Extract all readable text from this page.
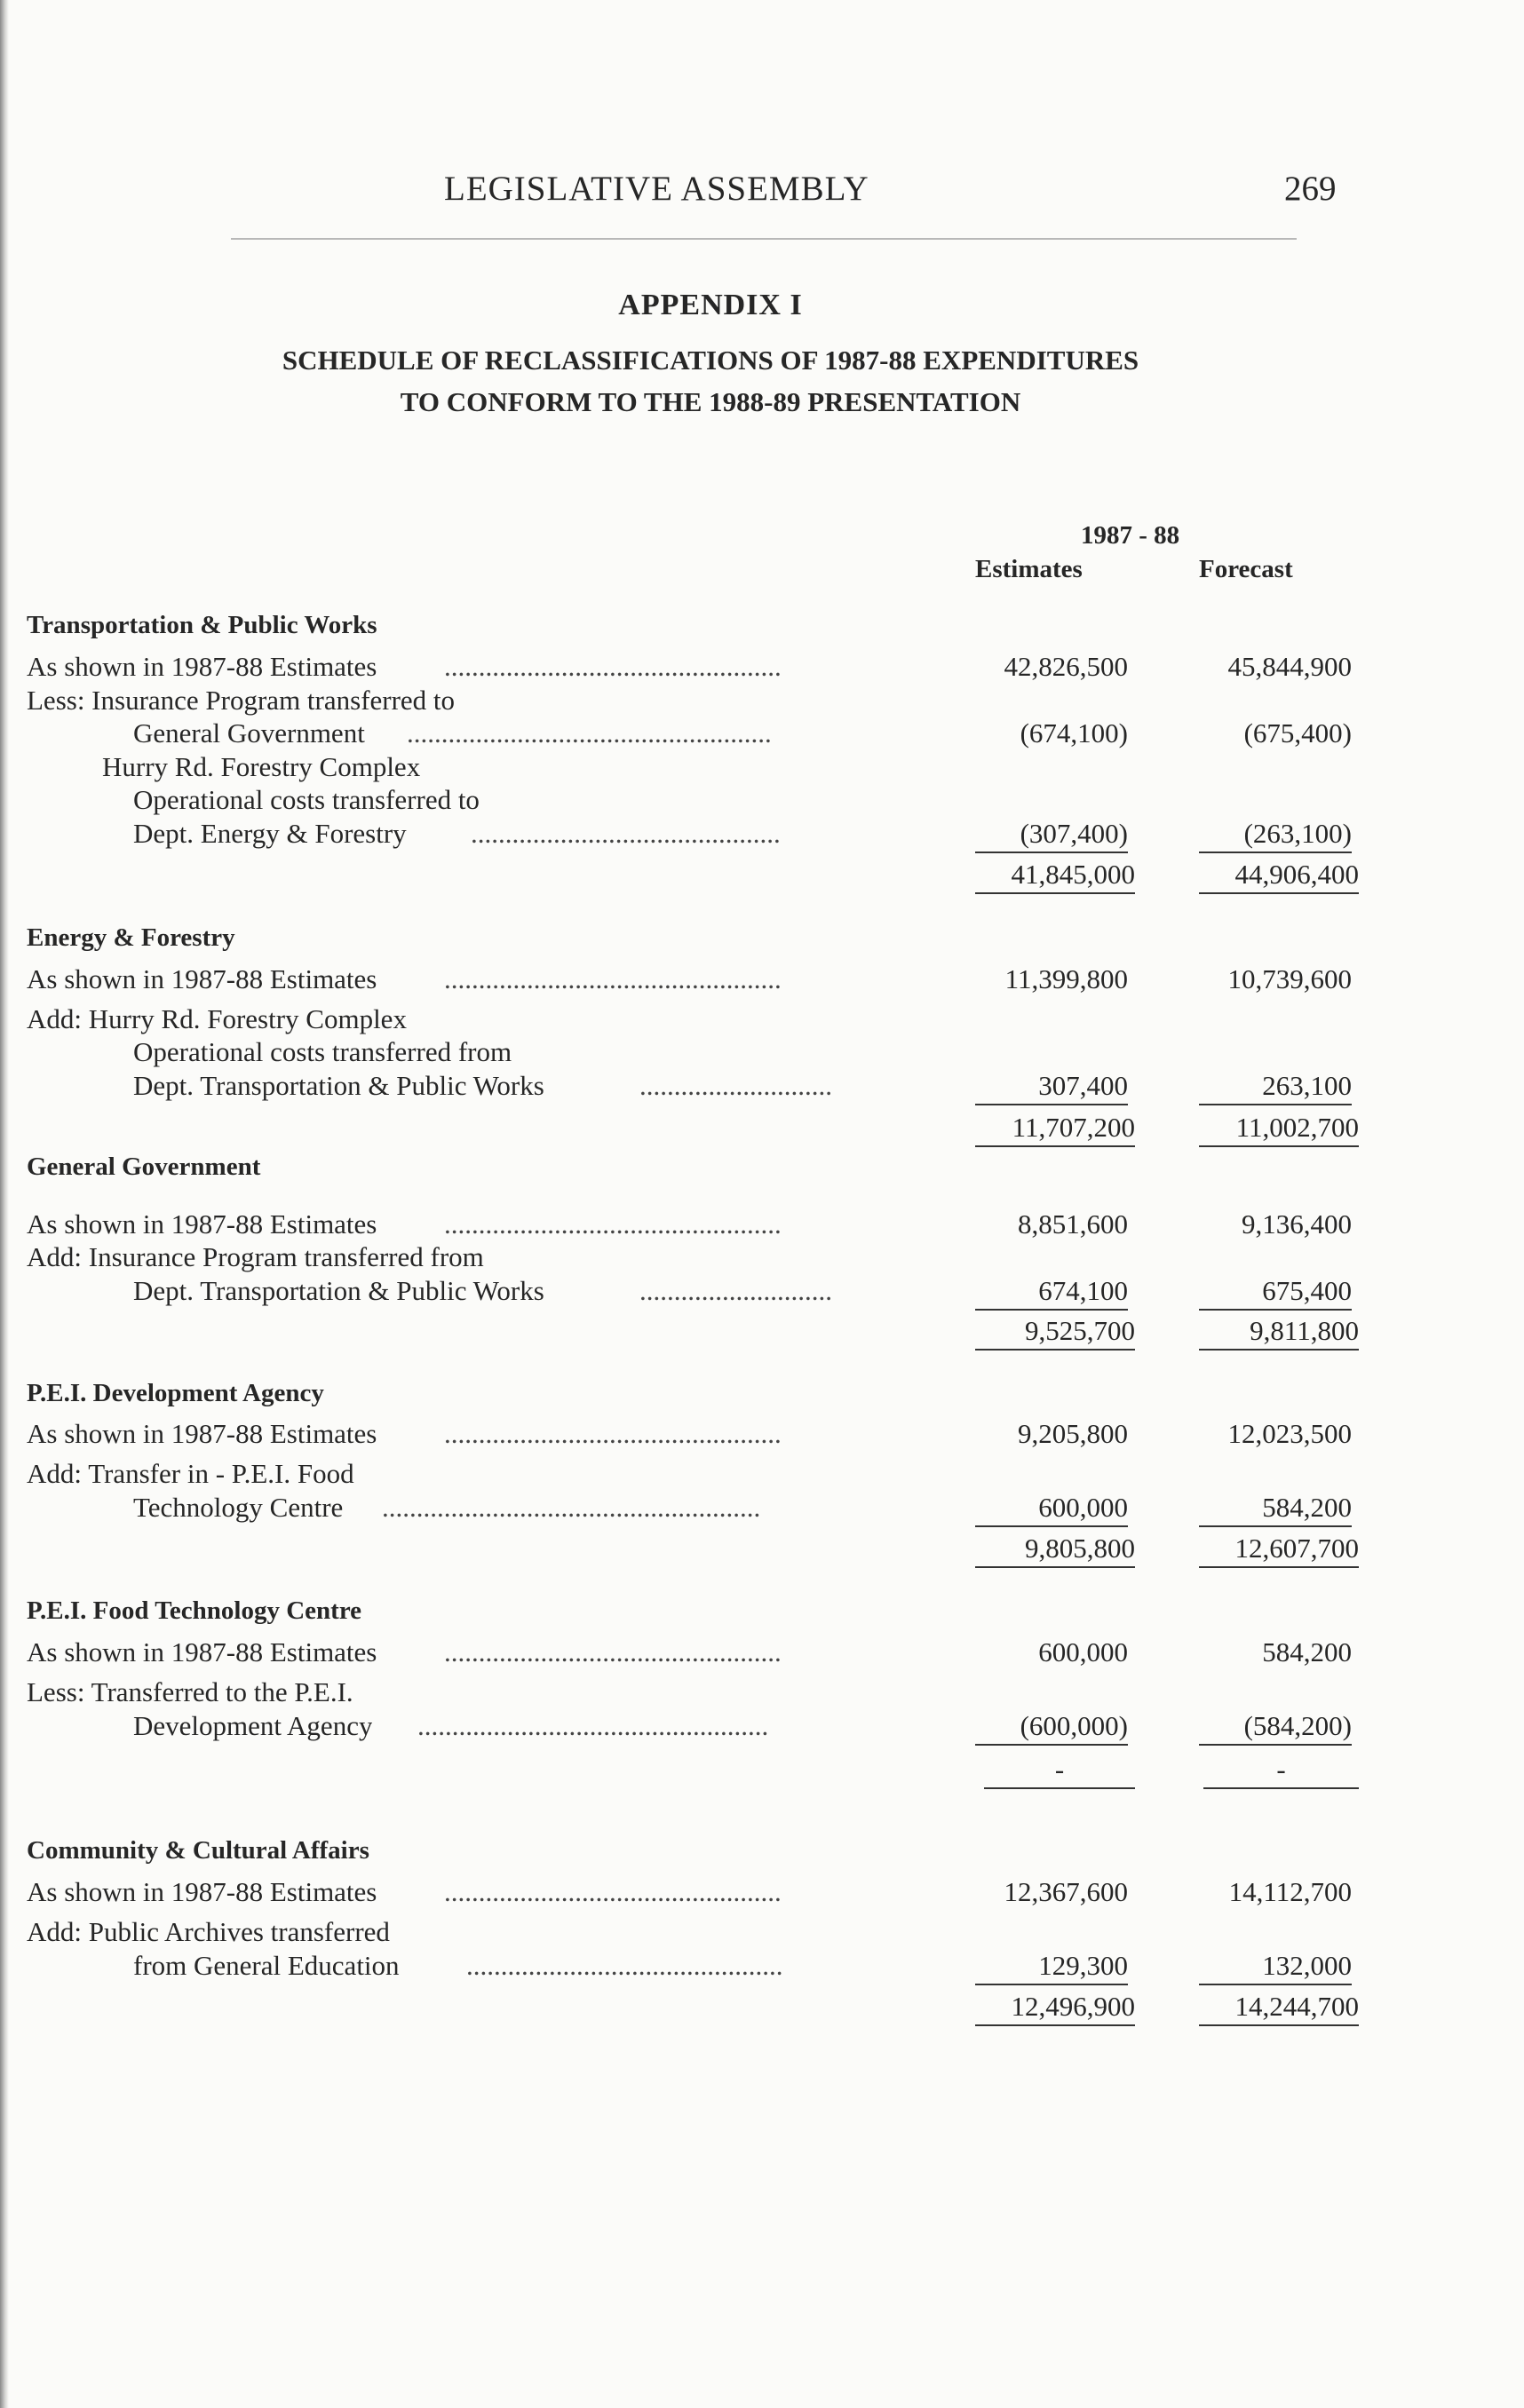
LEGISLATIVE ASSEMBLY	269
APPENDIX I
SCHEDULE OF RECLASSIFICATIONS OF 1987-88 EXPENDITURES
TO CONFORM TO THE 1988-89 PRESENTATION
1987 - 88
Estimates	Forecast
Transportation & Public Works
As shown in 1987-88 Estimates .................................................	42,826,500	45,844,900
Less: Insurance Program transferred to
General Government .....................................................	(674,100)	(675,400)
Hurry Rd. Forestry Complex
Operational costs transferred to
Dept. Energy & Forestry .............................................	(307,400)	(263,100)
41,845,000	44,906,400
Energy & Forestry
As shown in 1987-88 Estimates .................................................	11,399,800	10,739,600
Add: Hurry Rd. Forestry Complex
Operational costs transferred from
Dept. Transportation & Public Works	............................	307,400	263,100
11,707,200	11,002,700
General Government
As shown in 1987-88 Estimates .................................................	8,851,600	9,136,400
Add: Insurance Program transferred from
Dept. Transportation & Public Works	............................	674,100	675,400
9,525,700	9,811,800
P.E.I. Development Agency
As shown in 1987-88 Estimates .................................................	9,205,800	12,023,500
Add: Transfer in - P.E.I. Food
Technology Centre .......................................................	600,000	584,200
9,805,800	12,607,700
P.E.I. Food Technology Centre
As shown in 1987-88 Estimates .................................................	600,000	584,200
Less: Transferred to the P.E.I.
Development Agency ...................................................	(600,000)	(584,200)
-	-
Community & Cultural Affairs
As shown in 1987-88 Estimates .................................................	12,367,600	14,112,700
Add: Public Archives transferred
from General Education ..............................................	129,300	132,000
12,496,900	14,244,700
